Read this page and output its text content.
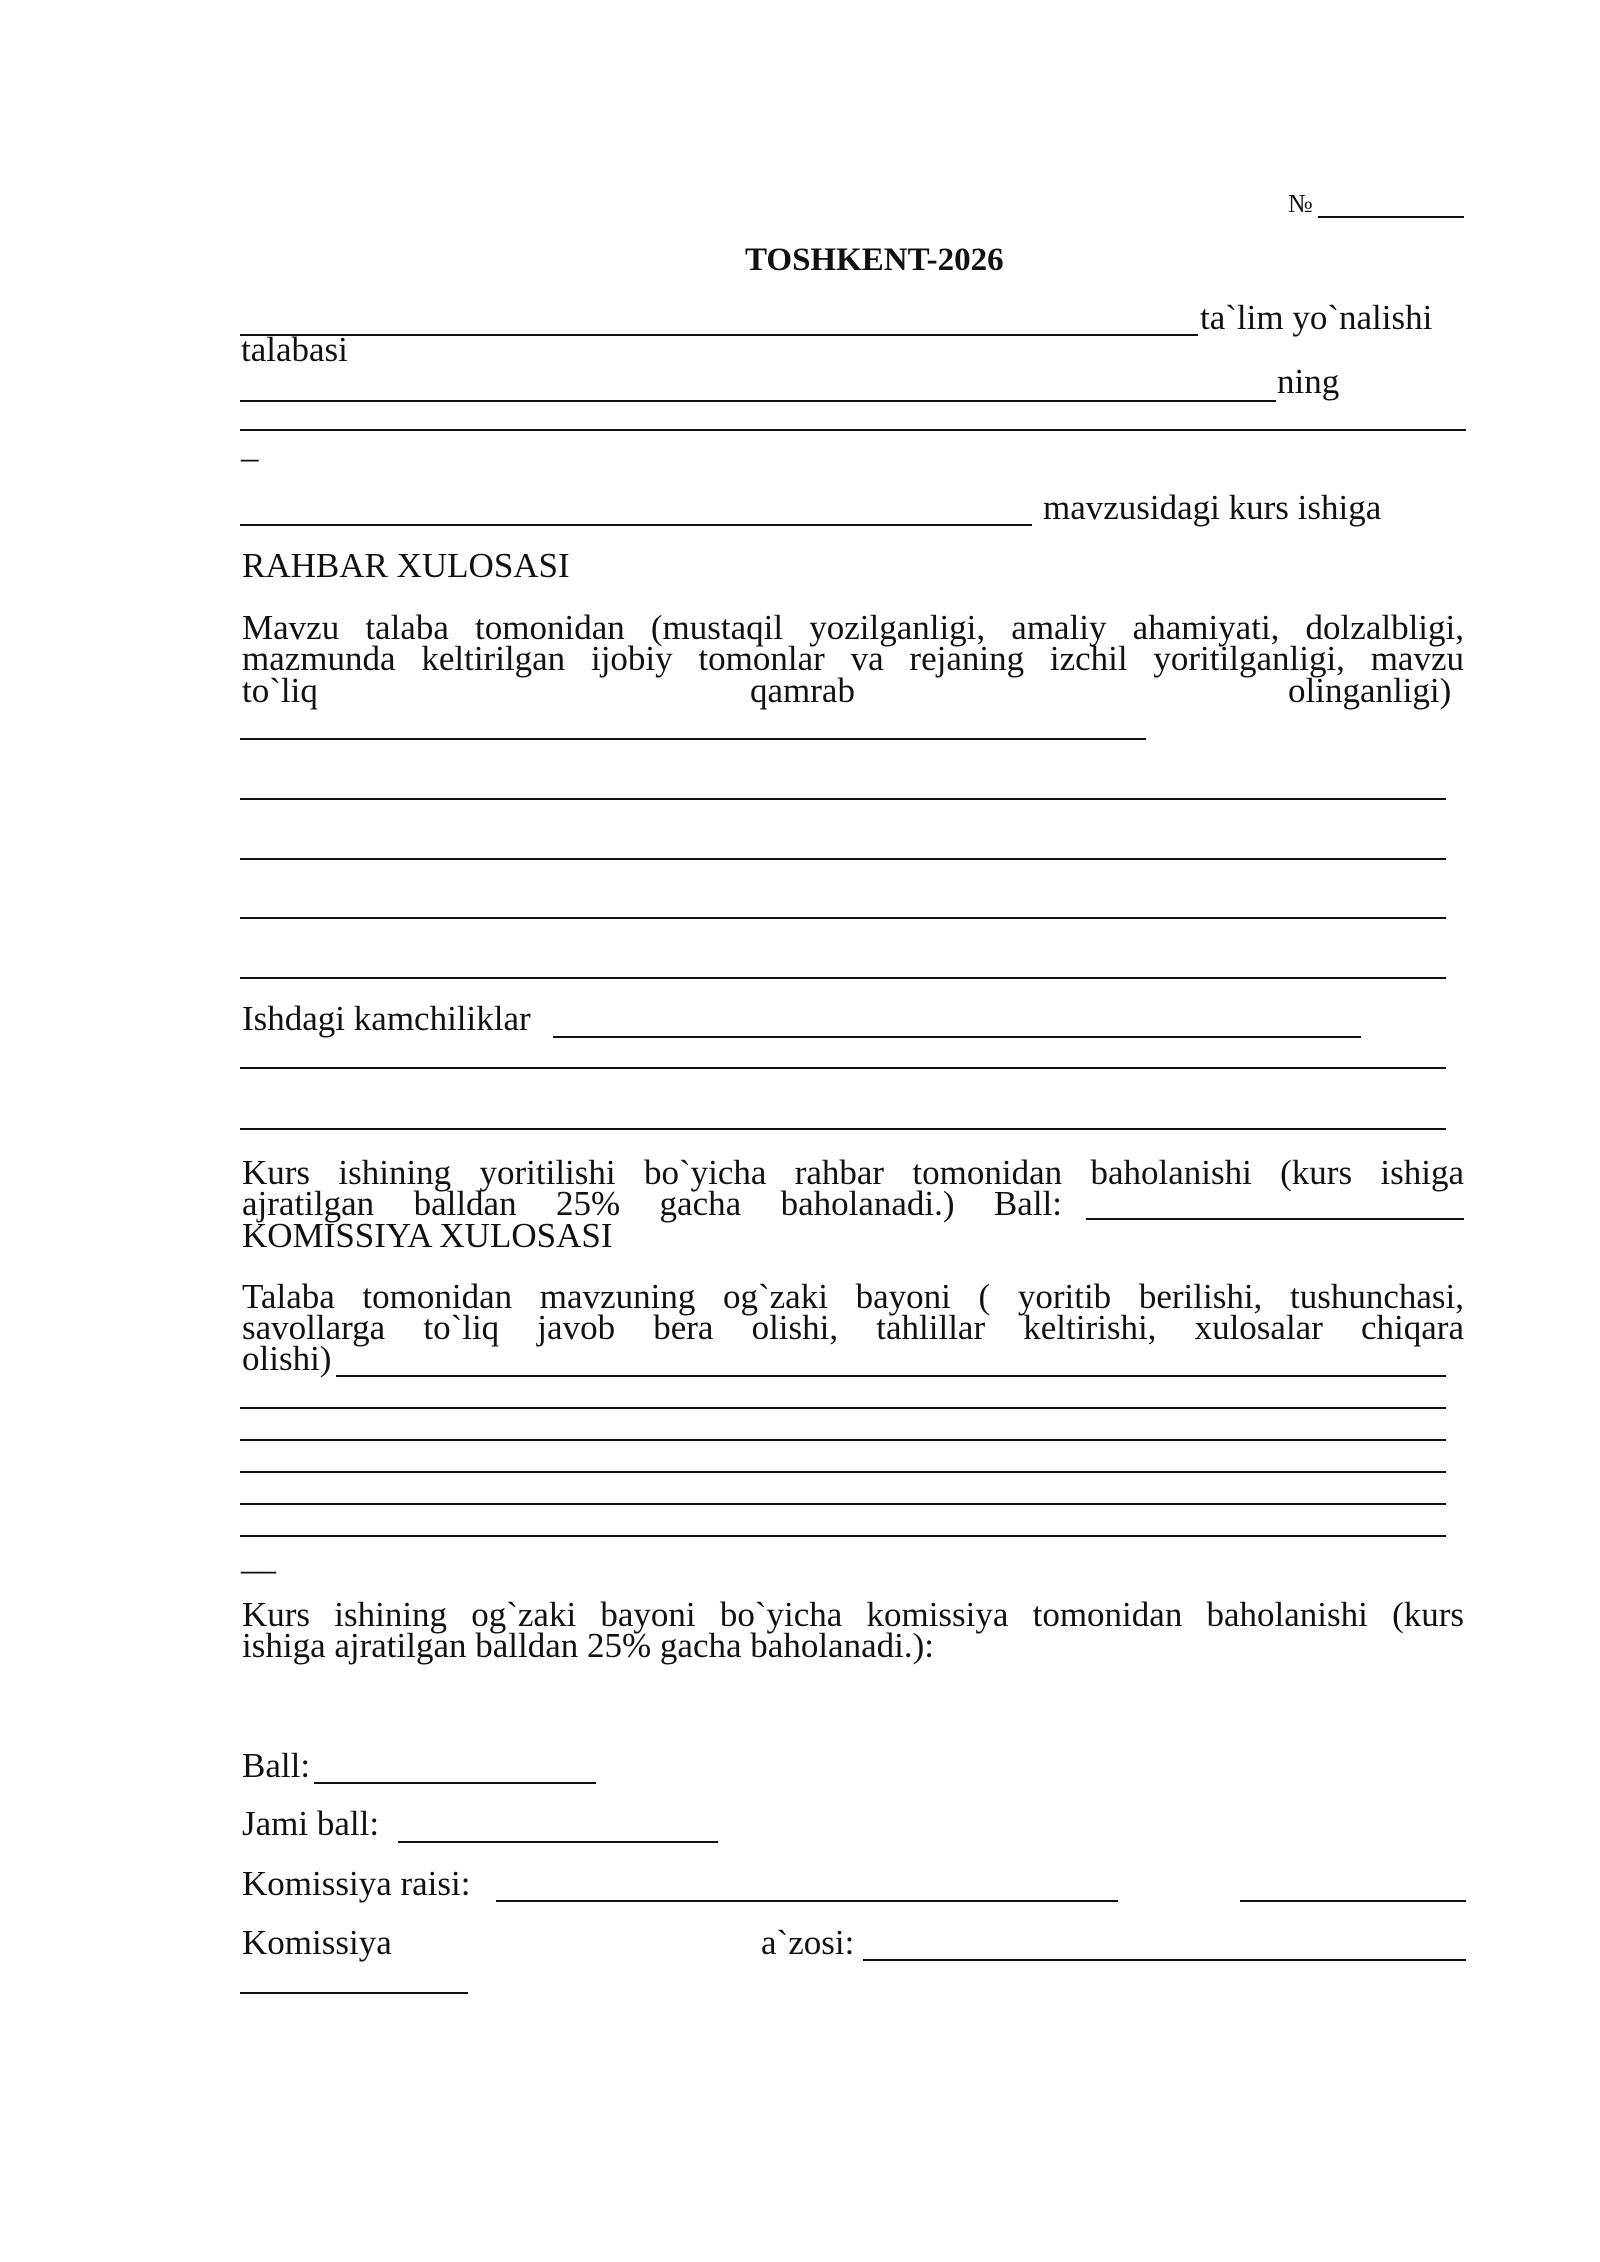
№
TOSHKENT-2026
ta`lim yo`nalishi
talabasi
ning
_
mavzusidagi kurs ishiga
RAHBAR XULOSASI
Mavzu talaba tomonidan (mustaqil yozilganligi, amaliy ahamiyati, dolzalbligi,
mazmunda keltirilgan ijobiy tomonlar va rejaning izchil yoritilganligi, mavzu
to`liq	qamrab	olinganligi)
Ishdagi kamchiliklar
Kurs ishining yoritilishi bo`yicha rahbar tomonidan baholanishi (kurs ishiga
ajratilgan balldan 25% gacha baholanadi.) Ball:
KOMISSIYA XULOSASI
Talaba tomonidan mavzuning og`zaki bayoni ( yoritib berilishi, tushunchasi,
savollarga to`liq javob bera olishi, tahlillar keltirishi, xulosalar chiqara
olishi)
__
Kurs ishining og`zaki bayoni bo`yicha komissiya tomonidan baholanishi (kurs
ishiga ajratilgan balldan 25% gacha baholanadi.):
Ball:
Jami ball:
Komissiya raisi:
Komissiya	a`zosi:
